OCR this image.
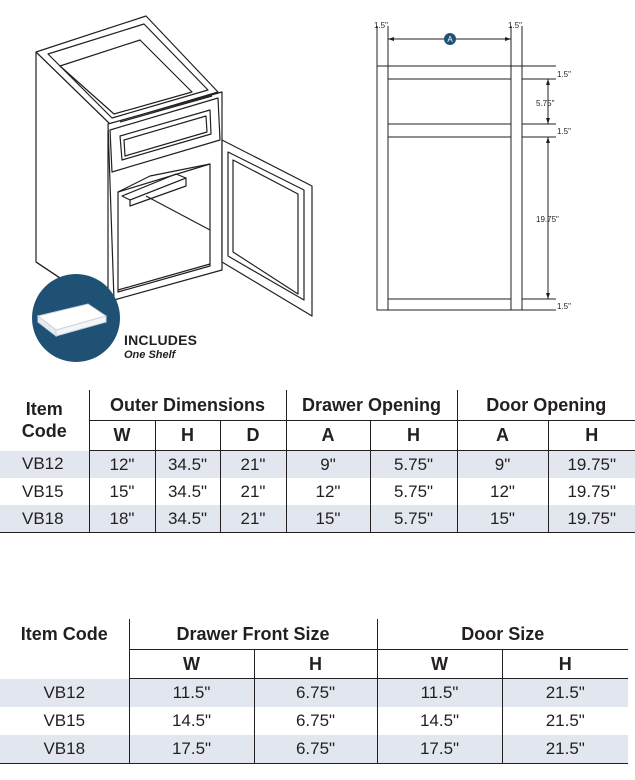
INCLUDES
One Shelf
A
1.5"	1.5"
1.5"
5.75"
1.5"
19.75"
1.5"
Item
Code	Outer Dimensions			Drawer Opening		Door Opening	
	W	H	D	A	H	A	H
VB12	12"	34.5"	21"	9"	5.75"	9"	19.75"
VB15	15"	34.5"	21"	12"	5.75"	12"	19.75"
VB18	18"	34.5"	21"	15"	5.75"	15"	19.75"
Item Code	Drawer Front Size		Door Size	
	W	H	W	H
VB12	11.5"	6.75"	11.5"	21.5"
VB15	14.5"	6.75"	14.5"	21.5"
VB18	17.5"	6.75"	17.5"	21.5"
